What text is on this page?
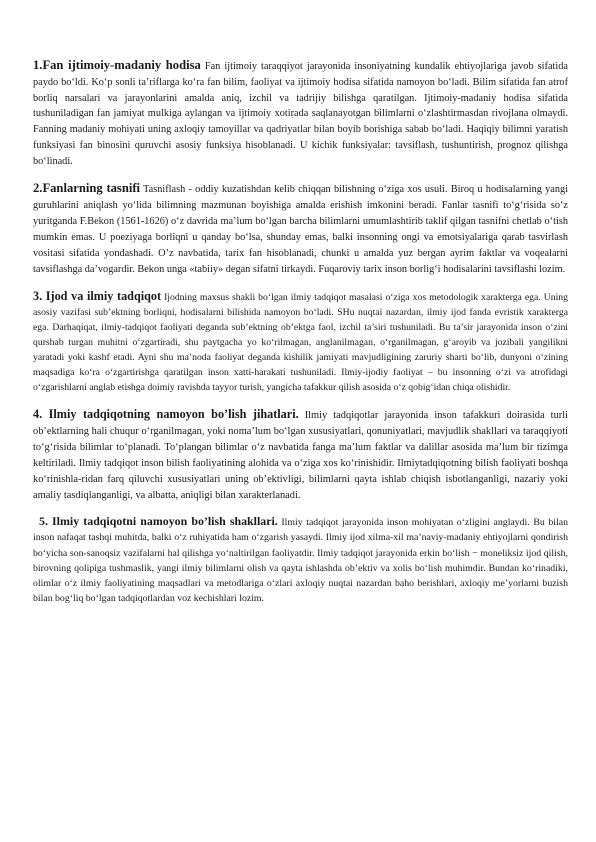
1.Fan ijtimoiy-madaniy hodisa Fan ijtimoiy taraqqiyot jarayonida insoniyatning kundalik ehtiyojlariga javob sifatida paydo bo‘ldi. Ko‘p sonli ta’riflarga ko‘ra fan bilim, faoliyat va ijtimoiy hodisa sifatida namoyon bo‘ladi. Bilim sifatida fan atrof borliq narsalari va jarayonlarini amalda aniq, izchil va tadrijiy bilishga qaratilgan. Ijtimoiy-madaniy hodisa sifatida tushuniladigan fan jamiyat mulkiga aylangan va ijtimoiy xotirada saqlanayotgan bilimlarni o‘zlashtirmasdan rivojlana olmaydi. Fanning madaniy mohiyati uning axloqiy tamoyillar va qadriyatlar bilan boyib borishiga sabab bo‘ladi. Haqiqiy bilimni yaratish funksiyasi fan binosini quruvchi asosiy funksiya hisoblanadi. U kichik funksiyalar: tavsiflash, tushuntirish, prognoz qilishga bo‘linadi.

2.Fanlarning tasnifi Tasniflash - oddiy kuzatishdan kelib chiqqan bilishning o‘ziga xos usuli. Biroq u hodisalarning yangi guruhlarini aniqlash yo‘lida bilimning mazmunan boyishiga amalda erishish imkonini beradi. Fanlar tasnifi to‘g‘risida so‘z yuritganda F.Bekon (1561-1626) o‘z davrida ma’lum bo‘lgan barcha bilimlarni umumlashtirib taklif qilgan tasnifni chetlab o‘tish mumkin emas. U poeziyaga borliqni u qanday bo‘lsa, shunday emas, balki insonning ongi va emotsiyalariga qarab tasvirlash vositasi sifatida yondashadi. O’z navbatida, tarix fan hisoblanadi, chunki u amalda yuz bergan ayrim faktlar va voqealarni tavsiflashga da’vogardir. Bekon unga «tabiiy» degan sifatni tirkaydi. Fuqaroviy tarix inson borlig‘i hodisalarini tavsiflashi lozim.

3. Ijod va ilmiy tadqiqot Ijodning maxsus shakli bo‘lgan ilmiy tadqiqot masalasi o‘ziga xos metodologik xarakterga ega. Uning asosiy vazifasi sub’ektning borliqni, hodisalarni bilishida namoyon bo‘ladi. SHu nuqtai nazardan, ilmiy ijod fanda evristik xarakterga ega. Darhaqiqat, ilmiy-tadqiqot faoliyati deganda sub’ektning ob’ektga faol, izchil ta’siri tushuniladi. Bu ta’sir jarayonida inson o‘zini qurshab turgan muhitni o‘zgartiradi, shu paytgacha yo ko‘rilmagan, anglanilmagan, o‘rganilmagan, g‘aroyib va jozibali yangilikni yaratadi yoki kashf etadi. Ayni shu ma’noda faoliyat deganda kishilik jamiyati mavjudligining zaruriy sharti bo‘lib, dunyoni o‘zining maqsadiga ko‘ra o‘zgartirishga qaratilgan inson xatti-harakati tushuniladi. Ilmiy-ijodiy faoliyat – bu insonning o‘zi va atrofidagi o‘zgarishlarni anglab etishga doimiy ravishda tayyor turish, yangicha tafakkur qilish asosida o‘z qobig‘idan chiqa olishidir.

4. Ilmiy tadqiqotning namoyon bo’lish jihatlari. Ilmiy tadqiqotlar jarayonida inson tafakkuri doirasida turli ob’ektlarning hali chuqur o‘rganilmagan, yoki noma’lum bo‘lgan xususiyatlari, qonuniyatlari, mavjudlik shakllari va taraqqiyoti to‘g‘risida bilimlar to‘planadi. To‘plangan bilimlar o‘z navbatida fanga ma’lum faktlar va dalillar asosida ma’lum bir tizimga keltiriladi. Ilmiy tadqiqot inson bilish faoliyatining alohida va o‘ziga xos ko‘rinishidir. Ilmiytadqiqotning bilish faoliyati boshqa ko‘rinishla-ridan farq qiluvchi xususiyatlari uning ob’ektivligi, bilimlarni qayta ishlab chiqish isbotlanganligi, nazariy yoki amaliy tasdiqlanganligi, va albatta, aniqligi bilan xarakterlanadi.

5. Ilmiy tadqiqotni namoyon bo’lish shakllari. Ilmiy tadqiqot jarayonida inson mohiyatan o‘zligini anglaydi. Bu bilan inson nafaqat tashqi muhitda, balki o‘z ruhiyatida ham o‘zgarish yasaydi. Ilmiy ijod xilma-xil ma’naviy-madaniy ehtiyojlarni qondirish bo‘yicha son-sanoqsiz vazifalarni hal qilishga yo‘naltirilgan faoliyatdir. Ilmiy tadqiqot jarayonida erkin bo‘lish − moneliksiz ijod qilish, birovning qolipiga tushmaslik, yangi ilmiy bilimlarni olish va qayta ishlashda ob’ektiv va xolis bo‘lish muhimdir. Bundan ko‘rinadiki, olimlar o‘z ilmiy faoliyatining maqsadlari va metodlariga o‘zlari axloqiy nuqtai nazardan baho berishlari, axloqiy me’yorlarni buzish bilan bog‘liq bo‘lgan tadqiqotlardan voz kechishlari lozim.
